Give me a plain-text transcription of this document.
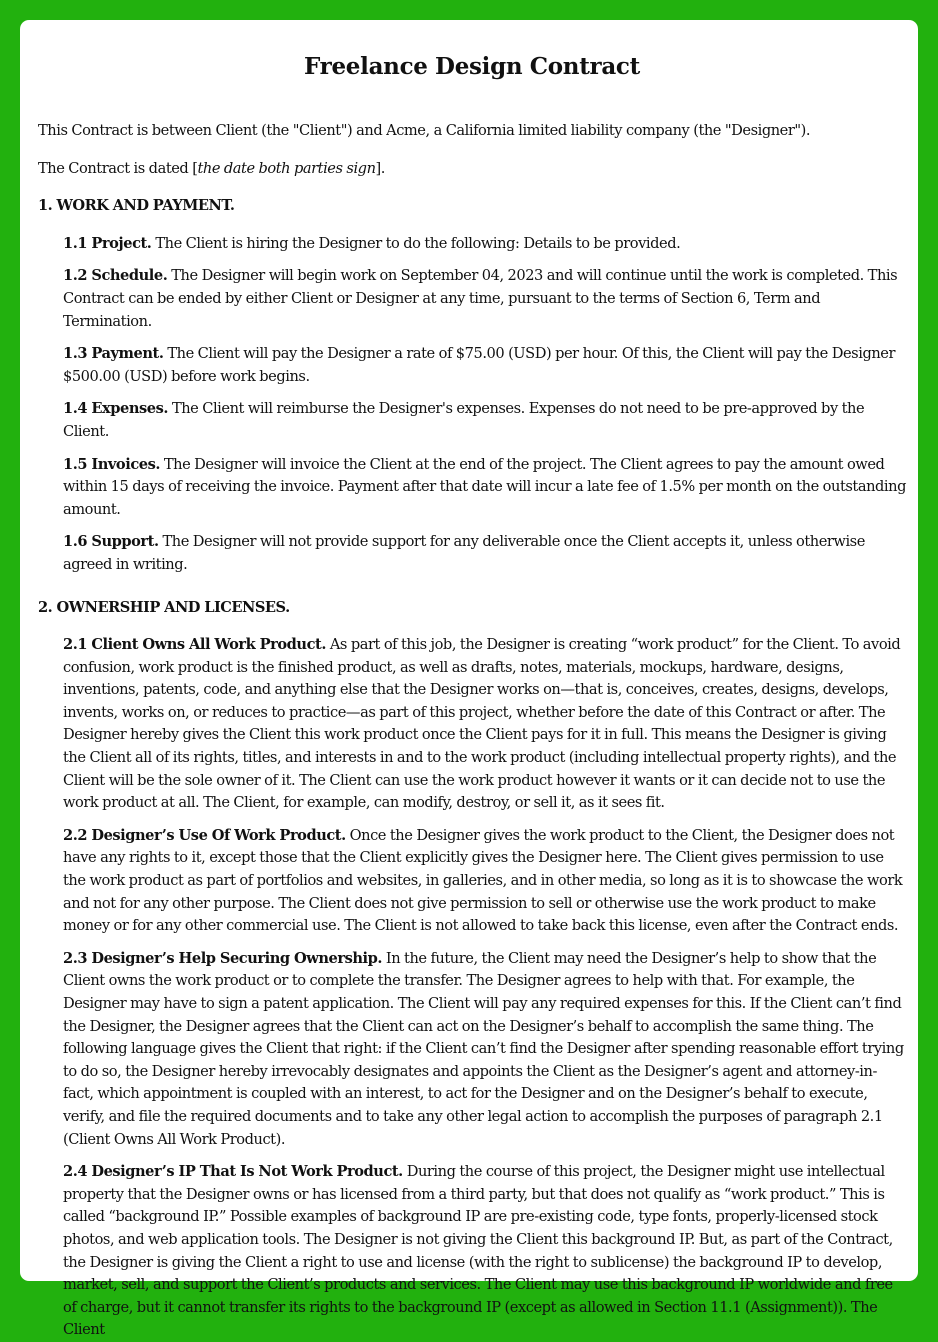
Freelance Design Contract

This Contract is between Client (the "Client") and Acme, a California limited liability company (the "Designer").

The Contract is dated [the date both parties sign].

1. WORK AND PAYMENT.

1.1 Project. The Client is hiring the Designer to do the following: Details to be provided.

1.2 Schedule. The Designer will begin work on September 04, 2023 and will continue until the work is completed. This Contract can be ended by either Client or Designer at any time, pursuant to the terms of Section 6, Term and Termination.

1.3 Payment. The Client will pay the Designer a rate of $75.00 (USD) per hour. Of this, the Client will pay the Designer $500.00 (USD) before work begins.

1.4 Expenses. The Client will reimburse the Designer's expenses. Expenses do not need to be pre-approved by the Client.

1.5 Invoices. The Designer will invoice the Client at the end of the project. The Client agrees to pay the amount owed within 15 days of receiving the invoice. Payment after that date will incur a late fee of 1.5% per month on the outstanding amount.

1.6 Support. The Designer will not provide support for any deliverable once the Client accepts it, unless otherwise agreed in writing.

2. OWNERSHIP AND LICENSES.

2.1 Client Owns All Work Product. As part of this job, the Designer is creating “work product” for the Client. To avoid confusion, work product is the finished product, as well as drafts, notes, materials, mockups, hardware, designs, inventions, patents, code, and anything else that the Designer works on—that is, conceives, creates, designs, develops, invents, works on, or reduces to practice—as part of this project, whether before the date of this Contract or after. The Designer hereby gives the Client this work product once the Client pays for it in full. This means the Designer is giving the Client all of its rights, titles, and interests in and to the work product (including intellectual property rights), and the Client will be the sole owner of it. The Client can use the work product however it wants or it can decide not to use the work product at all. The Client, for example, can modify, destroy, or sell it, as it sees fit.

2.2 Designer’s Use Of Work Product. Once the Designer gives the work product to the Client, the Designer does not have any rights to it, except those that the Client explicitly gives the Designer here. The Client gives permission to use the work product as part of portfolios and websites, in galleries, and in other media, so long as it is to showcase the work and not for any other purpose. The Client does not give permission to sell or otherwise use the work product to make money or for any other commercial use. The Client is not allowed to take back this license, even after the Contract ends.

2.3 Designer’s Help Securing Ownership. In the future, the Client may need the Designer’s help to show that the Client owns the work product or to complete the transfer. The Designer agrees to help with that. For example, the Designer may have to sign a patent application. The Client will pay any required expenses for this. If the Client can’t find the Designer, the Designer agrees that the Client can act on the Designer’s behalf to accomplish the same thing. The following language gives the Client that right: if the Client can’t find the Designer after spending reasonable effort trying to do so, the Designer hereby irrevocably designates and appoints the Client as the Designer’s agent and attorney-in-fact, which appointment is coupled with an interest, to act for the Designer and on the Designer’s behalf to execute, verify, and file the required documents and to take any other legal action to accomplish the purposes of paragraph 2.1 (Client Owns All Work Product).

2.4 Designer’s IP That Is Not Work Product. During the course of this project, the Designer might use intellectual property that the Designer owns or has licensed from a third party, but that does not qualify as “work product.” This is called “background IP.” Possible examples of background IP are pre-existing code, type fonts, properly-licensed stock photos, and web application tools. The Designer is not giving the Client this background IP. But, as part of the Contract, the Designer is giving the Client a right to use and license (with the right to sublicense) the background IP to develop, market, sell, and support the Client’s products and services. The Client may use this background IP worldwide and free of charge, but it cannot transfer its rights to the background IP (except as allowed in Section 11.1 (Assignment)). The Client
